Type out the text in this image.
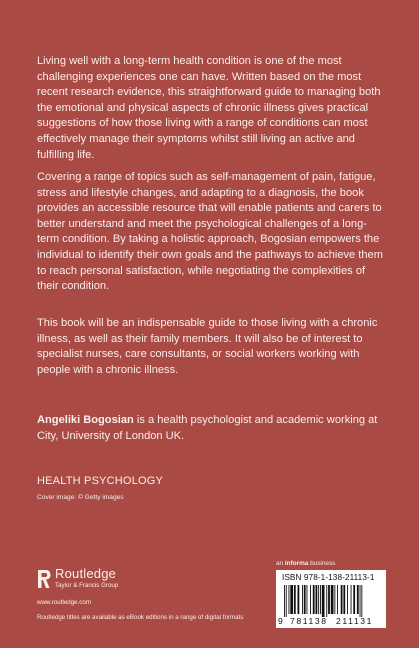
Living well with a long-term health condition is one of the most challenging experiences one can have. Written based on the most recent research evidence, this straightforward guide to managing both the emotional and physical aspects of chronic illness gives practical suggestions of how those living with a range of conditions can most effectively manage their symptoms whilst still living an active and fulfilling life.

Covering a range of topics such as self-management of pain, fatigue, stress and lifestyle changes, and adapting to a diagnosis, the book provides an accessible resource that will enable patients and carers to better understand and meet the psychological challenges of a long-term condition. By taking a holistic approach, Bogosian empowers the individual to identify their own goals and the pathways to achieve them to reach personal satisfaction, while negotiating the complexities of their condition.

This book will be an indispensable guide to those living with a chronic illness, as well as their family members. It will also be of interest to specialist nurses, care consultants, or social workers working with people with a chronic illness.

Angeliki Bogosian is a health psychologist and academic working at City, University of London UK.

HEALTH PSYCHOLOGY
Cover image: © Getty images
Routledge
Taylor & Francis Group
www.routledge.com
Routledge titles are available as eBook editions in a range of digital formats
an informa business
ISBN 978-1-138-21113-1
9 781138 211131
